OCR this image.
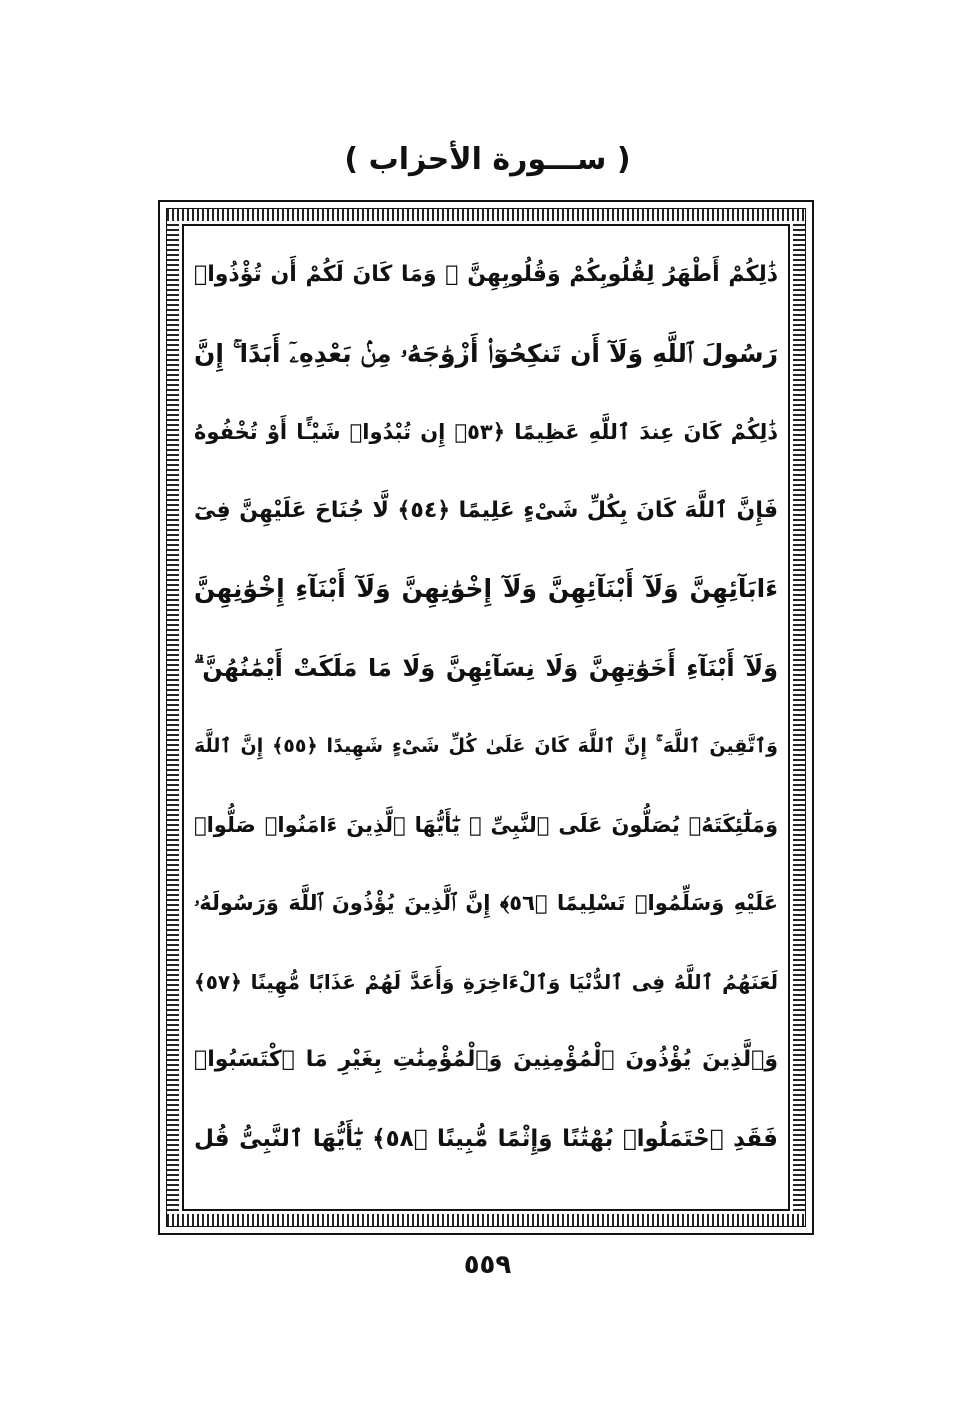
( ســـورة الأحزاب )
ذَٰلِكُمْ أَطْهَرُ لِقُلُوبِكُمْ وَقُلُوبِهِنَّ ۚ وَمَا كَانَ لَكُمْ أَن تُؤْذُوا۟
رَسُولَ ٱللَّهِ وَلَآ أَن تَنكِحُوٓا۟ أَزْوَٰجَهُۥ مِنۢ بَعْدِهِۦٓ أَبَدًا ۚ إِنَّ
ذَٰلِكُمْ كَانَ عِندَ ٱللَّهِ عَظِيمًا ﴿٥٣﴾ إِن تُبْدُوا۟ شَيْـًٔا أَوْ تُخْفُوهُ
فَإِنَّ ٱللَّهَ كَانَ بِكُلِّ شَىْءٍ عَلِيمًا ﴿٥٤﴾ لَّا جُنَاحَ عَلَيْهِنَّ فِىٓ
ءَابَآئِهِنَّ وَلَآ أَبْنَآئِهِنَّ وَلَآ إِخْوَٰنِهِنَّ وَلَآ أَبْنَآءِ إِخْوَٰنِهِنَّ
وَلَآ أَبْنَآءِ أَخَوَٰتِهِنَّ وَلَا نِسَآئِهِنَّ وَلَا مَا مَلَكَتْ أَيْمَٰنُهُنَّ ۗ
وَٱتَّقِينَ ٱللَّهَ ۚ إِنَّ ٱللَّهَ كَانَ عَلَىٰ كُلِّ شَىْءٍ شَهِيدًا ﴿٥٥﴾ إِنَّ ٱللَّهَ
وَمَلَٰٓئِكَتَهُۥ يُصَلُّونَ عَلَى ٱلنَّبِىِّ ۚ يَٰٓأَيُّهَا ٱلَّذِينَ ءَامَنُوا۟ صَلُّوا۟
عَلَيْهِ وَسَلِّمُوا۟ تَسْلِيمًا ﴿٥٦﴾ إِنَّ ٱلَّذِينَ يُؤْذُونَ ٱللَّهَ وَرَسُولَهُۥ
لَعَنَهُمُ ٱللَّهُ فِى ٱلدُّنْيَا وَٱلْءَاخِرَةِ وَأَعَدَّ لَهُمْ عَذَابًا مُّهِينًا ﴿٥٧﴾
وَٱلَّذِينَ يُؤْذُونَ ٱلْمُؤْمِنِينَ وَٱلْمُؤْمِنَٰتِ بِغَيْرِ مَا ٱكْتَسَبُوا۟
فَقَدِ ٱحْتَمَلُوا۟ بُهْتَٰنًا وَإِثْمًا مُّبِينًا ﴿٥٨﴾ يَٰٓأَيُّهَا ٱلنَّبِىُّ قُل
٥٥٩
